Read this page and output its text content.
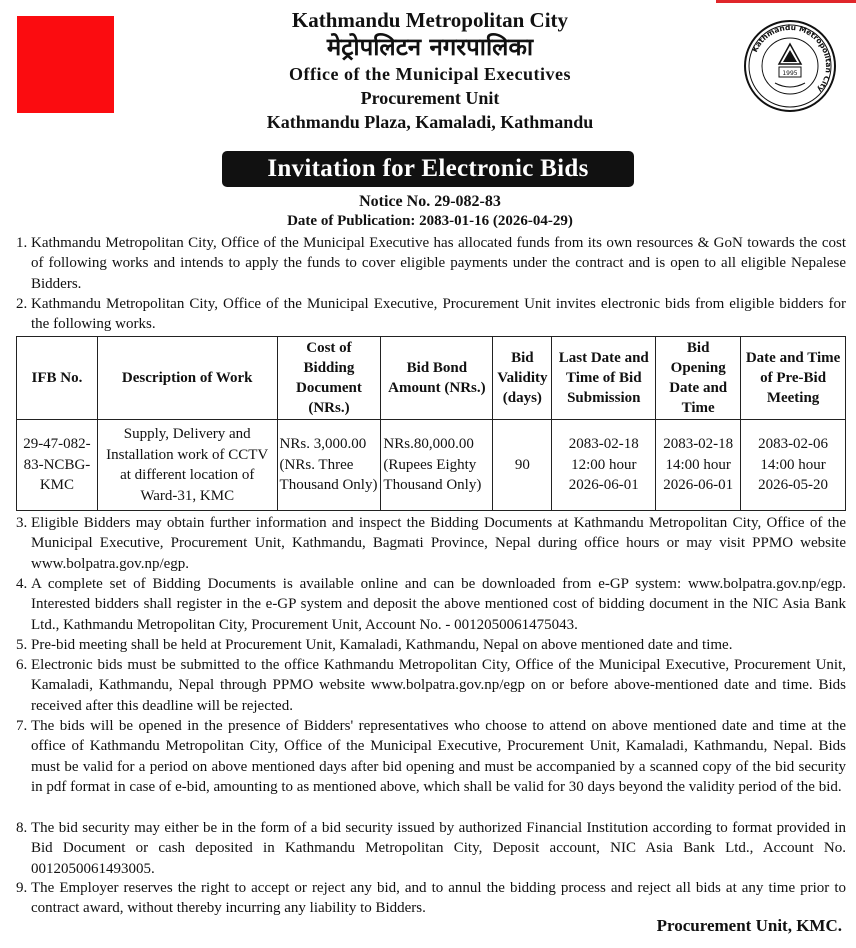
Kathmandu Metropolitan City
1995

Kathmandu Metropolitan City

मेट्रोपलिटन नगरपालिका

Office of the Municipal Executives

Procurement Unit

Kathmandu Plaza, Kamaladi, Kathmandu

Invitation for Electronic Bids
Notice No. 29-082-83
Date of Publication: 2083-01-16 (2026-04-29)
1. Kathmandu Metropolitan City, Office of the Municipal Executive has allocated funds from its own resources & GoN towards the cost of following works and intends to apply the funds to cover eligible payments under the contract and is open to all eligible Nepalese Bidders.
2. Kathmandu Metropolitan City, Office of the Municipal Executive, Procurement Unit invites electronic bids from eligible bidders for the following works.
IFB No.	Description of Work	Cost of Bidding Document (NRs.)	Bid Bond Amount (NRs.)	Bid Validity (days)	Last Date and Time of Bid Submission	Bid Opening Date and Time	Date and Time of Pre-Bid Meeting
29-47-082-83-NCBG-KMC	Supply, Delivery and Installation work of CCTV at different location of Ward-31, KMC	NRs. 3,000.00 (NRs. Three Thousand Only)	NRs.80,000.00 (Rupees Eighty Thousand Only)	90	2083-02-18 12:00 hour 2026-06-01	2083-02-18 14:00 hour 2026-06-01	2083-02-06 14:00 hour 2026-05-20
3. Eligible Bidders may obtain further information and inspect the Bidding Documents at Kathmandu Metropolitan City, Office of the Municipal Executive, Procurement Unit, Kathmandu, Bagmati Province, Nepal during office hours or may visit PPMO website www.bolpatra.gov.np/egp.
4. A complete set of Bidding Documents is available online and can be downloaded from e-GP system: www.bolpatra.gov.np/egp. Interested bidders shall register in the e-GP system and deposit the above mentioned cost of bidding document in the NIC Asia Bank Ltd., Kathmandu Metropolitan City, Procurement Unit, Account No. - 0012050061475043.
5. Pre-bid meeting shall be held at Procurement Unit, Kamaladi, Kathmandu, Nepal on above mentioned date and time.
6. Electronic bids must be submitted to the office Kathmandu Metropolitan City, Office of the Municipal Executive, Procurement Unit, Kamaladi, Kathmandu, Nepal through PPMO website www.bolpatra.gov.np/egp on or before above-mentioned date and time. Bids received after this deadline will be rejected.
7. The bids will be opened in the presence of Bidders' representatives who choose to attend on above mentioned date and time at the office of Kathmandu Metropolitan City, Office of the Municipal Executive, Procurement Unit, Kamaladi, Kathmandu, Nepal. Bids must be valid for a period on above mentioned days after bid opening and must be accompanied by a scanned copy of the bid security in pdf format in case of e-bid, amounting to as mentioned above, which shall be valid for 30 days beyond the validity period of the bid.
8. The bid security may either be in the form of a bid security issued by authorized Financial Institution according to format provided in Bid Document or cash deposited in Kathmandu Metropolitan City, Deposit account, NIC Asia Bank Ltd., Account No. 0012050061493005.
9. The Employer reserves the right to accept or reject any bid, and to annul the bidding process and reject all bids at any time prior to contract award, without thereby incurring any liability to Bidders.
Procurement Unit, KMC.
